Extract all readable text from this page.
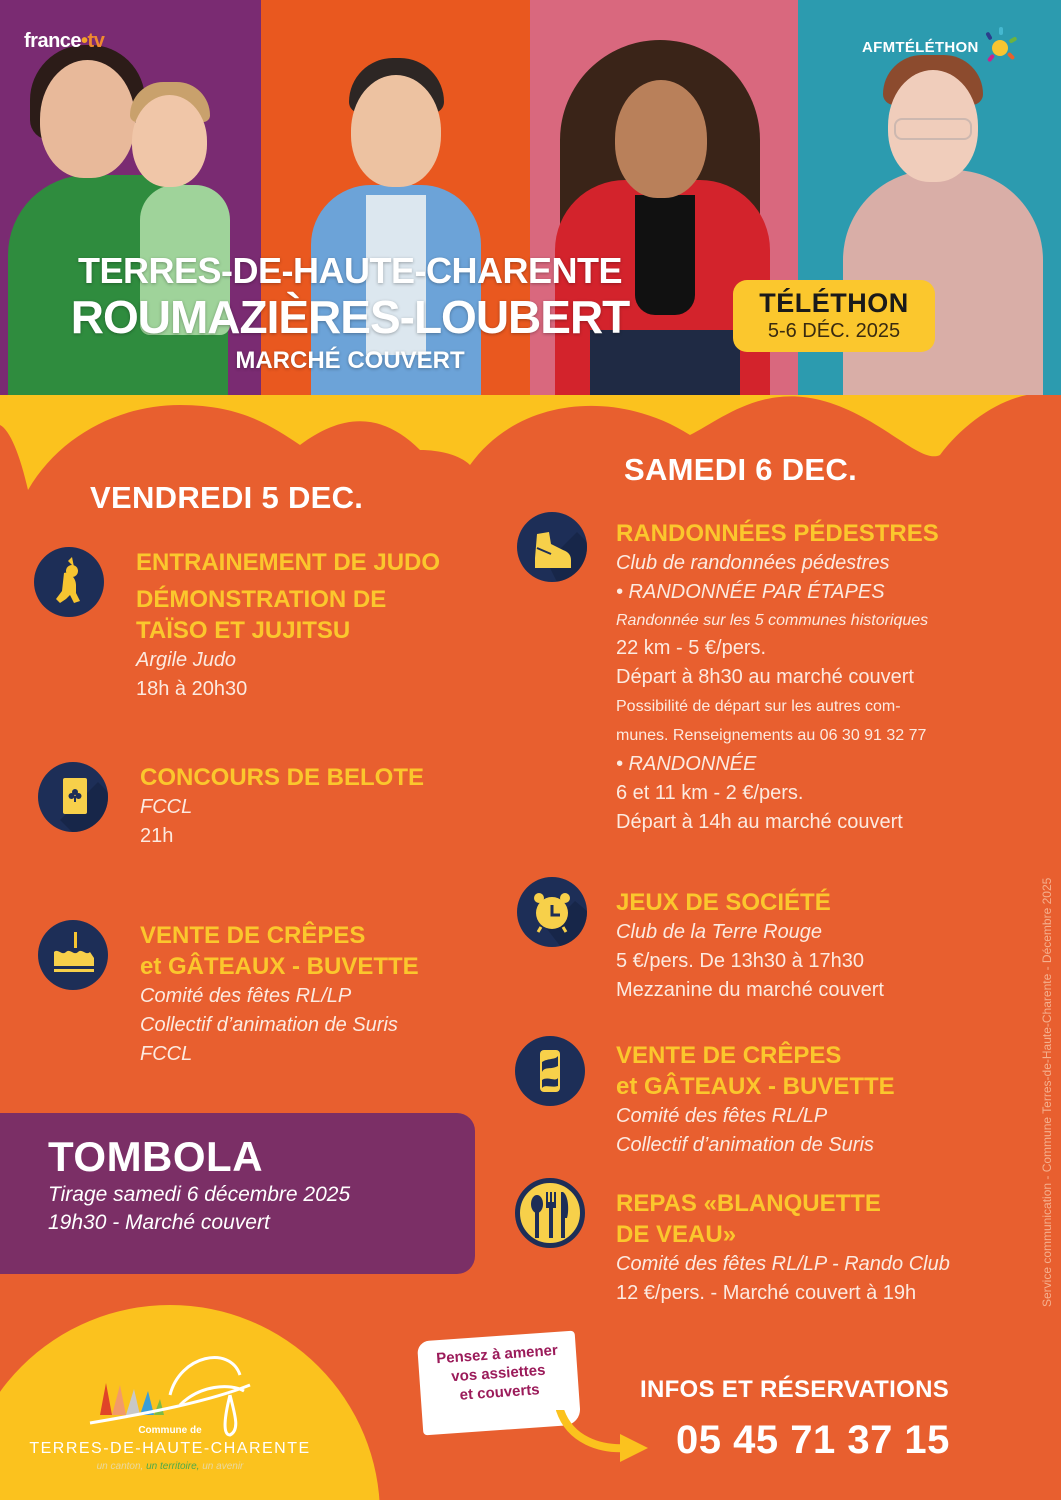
france•tv	AFMTÉLÉTHON
TERRES-DE-HAUTE-CHARENTE
ROUMAZIÈRES-LOUBERT
MARCHÉ COUVERT
TÉLÉTHON
5-6 DÉC. 2025
VENDREDI 5 DEC.
ENTRAINEMENT DE JUDO
DÉMONSTRATION DE
TAÏSO ET JUJITSU
Argile Judo
18h à 20h30
CONCOURS DE BELOTE
FCCL
21h
VENTE DE CRÊPES
et GÂTEAUX - BUVETTE
Comité des fêtes RL/LP
Collectif d’animation de Suris
FCCL
TOMBOLA
Tirage samedi 6 décembre 2025
19h30 - Marché couvert
SAMEDI 6 DEC.
RANDONNÉES PÉDESTRES
Club de randonnées pédestres
• RANDONNÉE PAR ÉTAPES
Randonnée sur les 5 communes historiques
22 km - 5 €/pers.
Départ à 8h30 au marché couvert
Possibilité de départ sur les autres com-
munes. Renseignements au 06 30 91 32 77
• RANDONNÉE
6 et 11 km - 2 €/pers.
Départ à 14h au marché couvert
JEUX DE SOCIÉTÉ
Club de la Terre Rouge
5 €/pers. De 13h30 à 17h30
Mezzanine du marché couvert
VENTE DE CRÊPES
et GÂTEAUX - BUVETTE
Comité des fêtes RL/LP
Collectif d’animation de Suris
REPAS «BLANQUETTE
DE VEAU»
Comité des fêtes RL/LP - Rando Club
12 €/pers. - Marché couvert à 19h
Commune de
TERRES-DE-HAUTE-CHARENTE
un canton, un territoire, un avenir
Pensez à amener
vos assiettes
et couverts	INFOS ET RÉSERVATIONS
05 45 71 37 15
Service communication - Commune Terres-de-Haute-Charente - Décembre 2025
